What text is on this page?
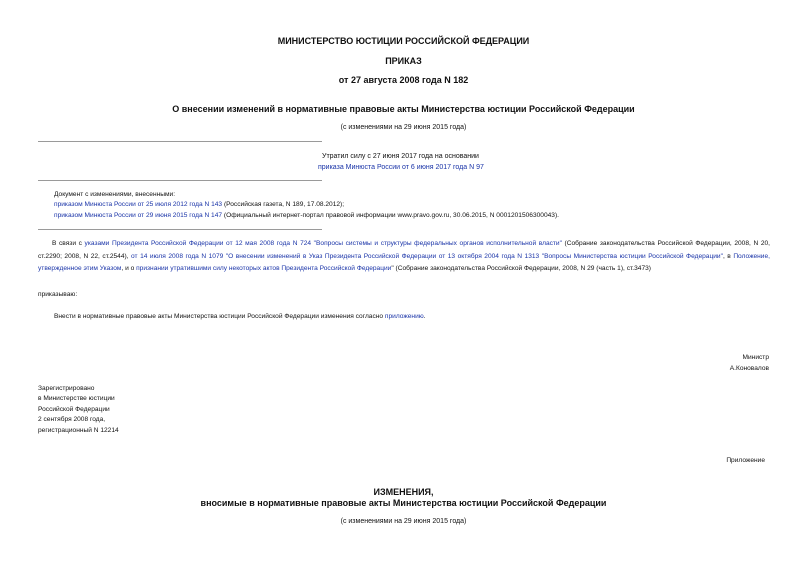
МИНИСТЕРСТВО ЮСТИЦИИ РОССИЙСКОЙ ФЕДЕРАЦИИ
ПРИКАЗ
от 27 августа 2008 года N 182
О внесении изменений в нормативные правовые акты Министерства юстиции Российской Федерации
(с изменениями на 29 июня 2015 года)
Утратил силу с 27 июня 2017 года на основании
приказа Минюста России от 6 июня 2017 года N 97
Документ с изменениями, внесенными:
приказом Минюста России от 25 июля 2012 года N 143 (Российская газета, N 189, 17.08.2012);
приказом Минюста России от 29 июня 2015 года N 147 (Официальный интернет-портал правовой информации www.pravo.gov.ru, 30.06.2015, N 0001201506300043).
В связи с указами Президента Российской Федерации от 12 мая 2008 года N 724 "Вопросы системы и структуры федеральных органов исполнительной власти" (Собрание законодательства Российской Федерации, 2008, N 20, ст.2290; 2008, N 22, ст.2544), от 14 июля 2008 года N 1079 "О внесении изменений в Указ Президента Российской Федерации от 13 октября 2004 года N 1313 "Вопросы Министерства юстиции Российской Федерации", в Положение, утвержденное этим Указом, и о признании утратившими силу некоторых актов Президента Российской Федерации" (Собрание законодательства Российской Федерации, 2008, N 29 (часть 1), ст.3473)
приказываю:
Внести в нормативные правовые акты Министерства юстиции Российской Федерации изменения согласно приложению.
Министр
А.Коновалов
Зарегистрировано
в Министерстве юстиции
Российской Федерации
2 сентября 2008 года,
регистрационный N 12214
Приложение
ИЗМЕНЕНИЯ,
вносимые в нормативные правовые акты Министерства юстиции Российской Федерации
(с изменениями на 29 июня 2015 года)
